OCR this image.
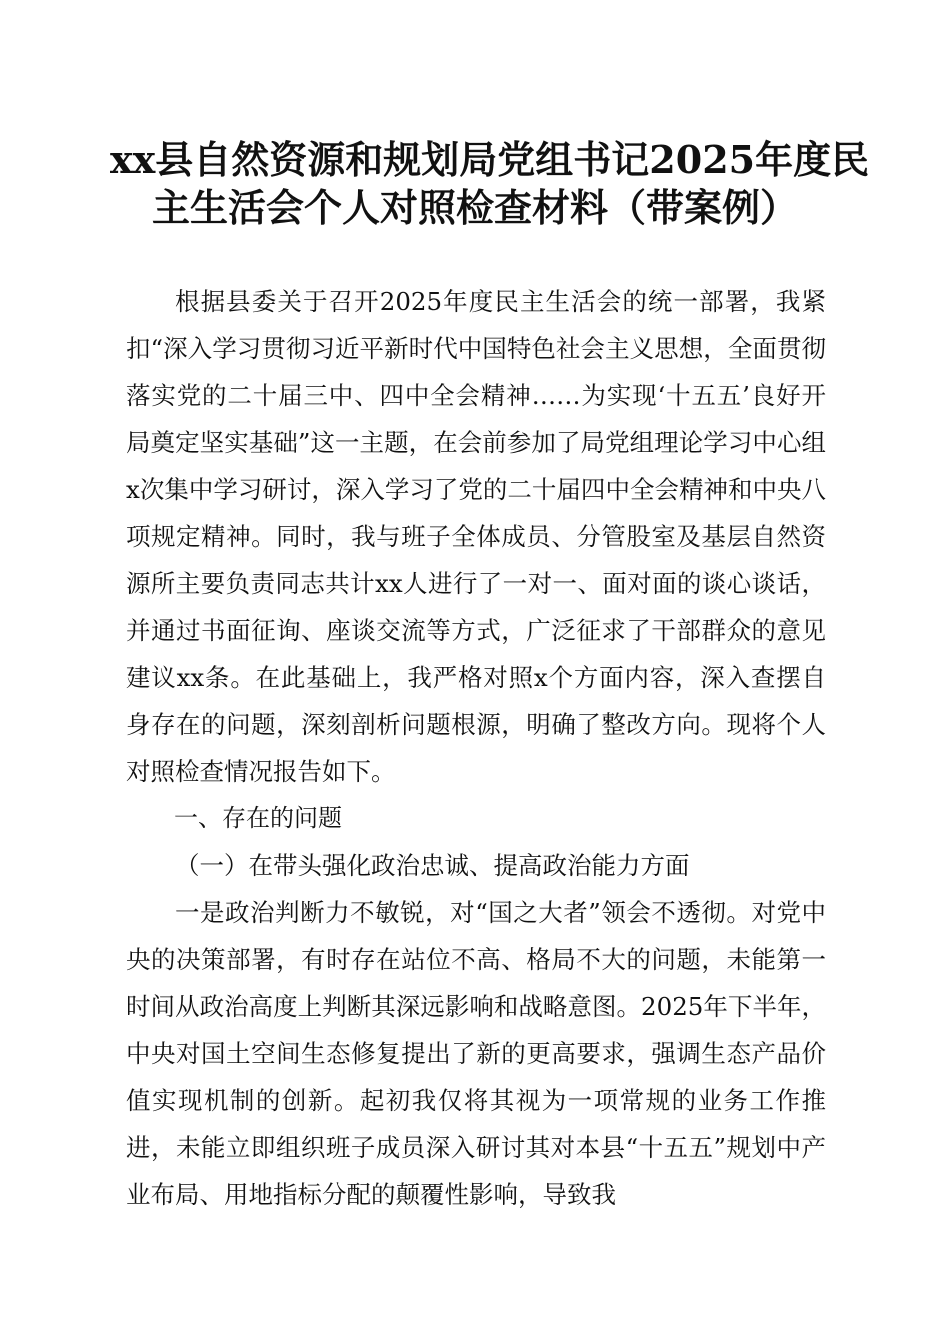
xx县自然资源和规划局党组书记2025年度民
主生活会个人对照检查材料（带案例）

根据县委关于召开2025年度民主生活会的统一部署，我紧扣“深入学习贯彻习近平新时代中国特色社会主义思想，全面贯彻落实党的二十届三中、四中全会精神……为实现‘十五五’良好开局奠定坚实基础”这一主题，在会前参加了局党组理论学习中心组x次集中学习研讨，深入学习了党的二十届四中全会精神和中央八项规定精神。同时，我与班子全体成员、分管股室及基层自然资源所主要负责同志共计xx人进行了一对一、面对面的谈心谈话，并通过书面征询、座谈交流等方式，广泛征求了干部群众的意见建议xx条。在此基础上，我严格对照x个方面内容，深入查摆自身存在的问题，深刻剖析问题根源，明确了整改方向。现将个人对照检查情况报告如下。

一、存在的问题

（一）在带头强化政治忠诚、提高政治能力方面

一是政治判断力不敏锐，对“国之大者”领会不透彻。对党中央的决策部署，有时存在站位不高、格局不大的问题，未能第一时间从政治高度上判断其深远影响和战略意图。2025年下半年，中央对国土空间生态修复提出了新的更高要求，强调生态产品价值实现机制的创新。起初我仅将其视为一项常规的业务工作推进，未能立即组织班子成员深入研讨其对本县“十五五”规划中产业布局、用地指标分配的颠覆性影响，导致我
